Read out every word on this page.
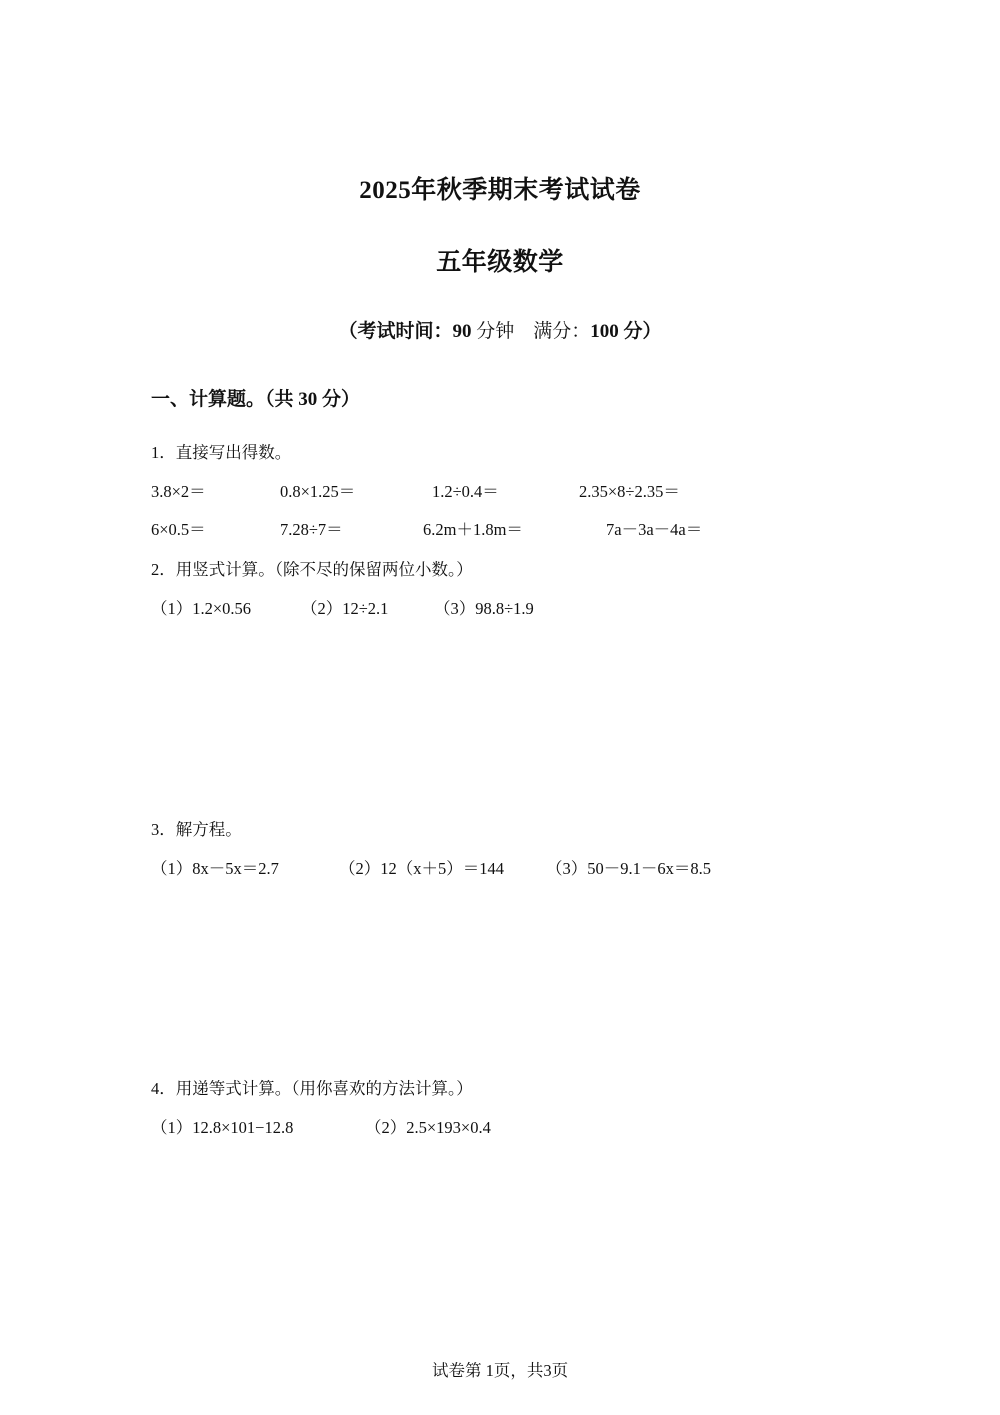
2025年秋季期末考试试卷
五年级数学
（考试时间：90 分钟 满分：100 分）
一、计算题。（共 30 分）
1．直接写出得数。
3.8×2＝	0.8×1.25＝	1.2÷0.4＝	2.35×8÷2.35＝
6×0.5＝	7.28÷7＝	6.2m＋1.8m＝	7a－3a－4a＝
2．用竖式计算。（除不尽的保留两位小数。）
（1）1.2×0.56	（2）12÷2.1	（3）98.8÷1.9
3．解方程。
（1）8x－5x＝2.7	（2）12（x＋5）＝144	（3）50－9.1－6x＝8.5
4．用递等式计算。（用你喜欢的方法计算。）
（1）12.8×101−12.8	（2）2.5×193×0.4
试卷第 1页，共3页
